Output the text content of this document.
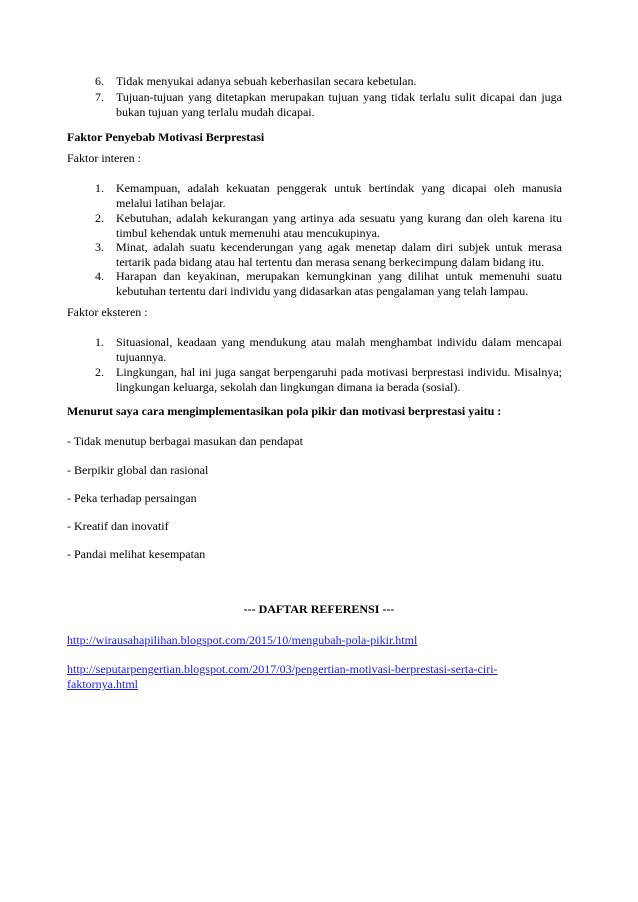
6.	Tidak menyukai adanya sebuah keberhasilan secara kebetulan.
7.	Tujuan-tujuan yang ditetapkan merupakan tujuan yang tidak terlalu sulit dicapai dan juga bukan tujuan yang terlalu mudah dicapai.
Faktor Penyebab Motivasi Berprestasi
Faktor interen :
1.	Kemampuan, adalah kekuatan penggerak untuk bertindak yang dicapai oleh manusia melalui latihan belajar.
2.	Kebutuhan, adalah kekurangan yang artinya ada sesuatu yang kurang dan oleh karena itu timbul kehendak untuk memenuhi atau mencukupinya.
3.	Minat, adalah suatu kecenderungan yang agak menetap dalam diri subjek untuk merasa tertarik pada bidang atau hal tertentu dan merasa senang berkecimpung dalam bidang itu.
4.	Harapan dan keyakinan, merupakan kemungkinan yang dilihat untuk memenuhi suatu kebutuhan tertentu dari individu yang didasarkan atas pengalaman yang telah lampau.
Faktor eksteren :
1.	Situasional, keadaan yang mendukung atau malah menghambat individu dalam mencapai tujuannya.
2.	Lingkungan, hal ini juga sangat berpengaruhi pada motivasi berprestasi individu. Misalnya; lingkungan keluarga, sekolah dan lingkungan dimana ia berada (sosial).
Menurut saya cara mengimplementasikan pola pikir dan motivasi berprestasi yaitu :
- Tidak menutup berbagai masukan dan pendapat
- Berpikir global dan rasional
- Peka terhadap persaingan
- Kreatif dan inovatif
- Pandai melihat kesempatan
--- DAFTAR REFERENSI ---
http://wirausahapilihan.blogspot.com/2015/10/mengubah-pola-pikir.html
http://seputarpengertian.blogspot.com/2017/03/pengertian-motivasi-berprestasi-serta-ciri-
faktornya.html
